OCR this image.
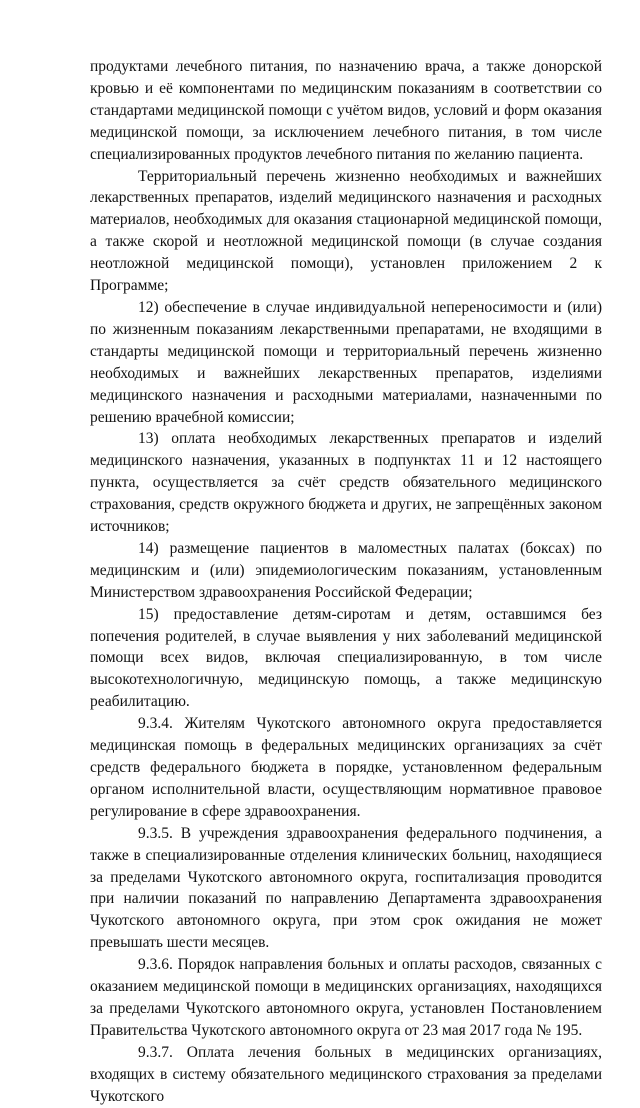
продуктами лечебного питания, по назначению врача, а также донорской кровью и её компонентами по медицинским показаниям в соответствии со стандартами медицинской помощи с учётом видов, условий и форм оказания медицинской помощи, за исключением лечебного питания, в том числе специализированных продуктов лечебного питания по желанию пациента.

Территориальный перечень жизненно необходимых и важнейших лекарственных препаратов, изделий медицинского назначения и расходных материалов, необходимых для оказания стационарной медицинской помощи, а также скорой и неотложной медицинской помощи (в случае создания неотложной медицинской помощи), установлен приложением 2 к Программе;

12) обеспечение в случае индивидуальной непереносимости и (или) по жизненным показаниям лекарственными препаратами, не входящими в стандарты медицинской помощи и территориальный перечень жизненно необходимых и важнейших лекарственных препаратов, изделиями медицинского назначения и расходными материалами, назначенными по решению врачебной комиссии;

13) оплата необходимых лекарственных препаратов и изделий медицинского назначения, указанных в подпунктах 11 и 12 настоящего пункта, осуществляется за счёт средств обязательного медицинского страхования, средств окружного бюджета и других, не запрещённых законом источников;

14) размещение пациентов в маломестных палатах (боксах) по медицинским и (или) эпидемиологическим показаниям, установленным Министерством здравоохранения Российской Федерации;

15) предоставление детям-сиротам и детям, оставшимся без попечения родителей, в случае выявления у них заболеваний медицинской помощи всех видов, включая специализированную, в том числе высокотехнологичную, медицинскую помощь, а также медицинскую реабилитацию.

9.3.4. Жителям Чукотского автономного округа предоставляется медицинская помощь в федеральных медицинских организациях за счёт средств федерального бюджета в порядке, установленном федеральным органом исполнительной власти, осуществляющим нормативное правовое регулирование в сфере здравоохранения.

9.3.5. В учреждения здравоохранения федерального подчинения, а также в специализированные отделения клинических больниц, находящиеся за пределами Чукотского автономного округа, госпитализация проводится при наличии показаний по направлению Департамента здравоохранения Чукотского автономного округа, при этом срок ожидания не может превышать шести месяцев.

9.3.6. Порядок направления больных и оплаты расходов, связанных с оказанием медицинской помощи в медицинских организациях, находящихся за пределами Чукотского автономного округа, установлен Постановлением Правительства Чукотского автономного округа от 23 мая 2017 года № 195.

9.3.7. Оплата лечения больных в медицинских организациях, входящих в систему обязательного медицинского страхования за пределами Чукотского
